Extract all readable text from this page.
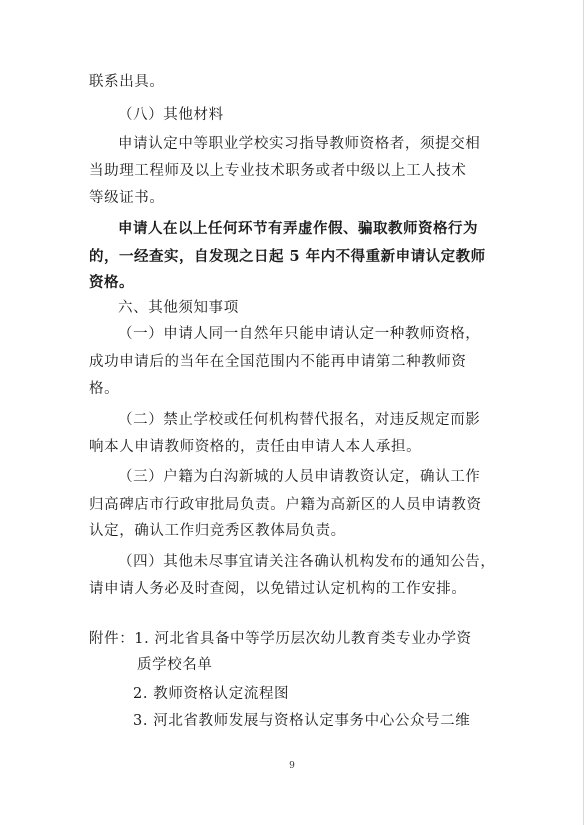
联系出具。
（八）其他材料
申请认定中等职业学校实习指导教师资格者，须提交相
当助理工程师及以上专业技术职务或者中级以上工人技术
等级证书。
申请人在以上任何环节有弄虚作假、骗取教师资格行为
的，一经查实，自发现之日起 5 年内不得重新申请认定教师
资格。
六、其他须知事项
（一）申请人同一自然年只能申请认定一种教师资格，
成功申请后的当年在全国范围内不能再申请第二种教师资
格。
（二）禁止学校或任何机构替代报名，对违反规定而影
响本人申请教师资格的，责任由申请人本人承担。
（三）户籍为白沟新城的人员申请教资认定，确认工作
归高碑店市行政审批局负责。户籍为高新区的人员申请教资
认定，确认工作归竞秀区教体局负责。
（四）其他未尽事宜请关注各确认机构发布的通知公告，
请申请人务必及时查阅，以免错过认定机构的工作安排。
附件：1. 河北省具备中等学历层次幼儿教育类专业办学资
质学校名单
2. 教师资格认定流程图
3. 河北省教师发展与资格认定事务中心公众号二维
9
